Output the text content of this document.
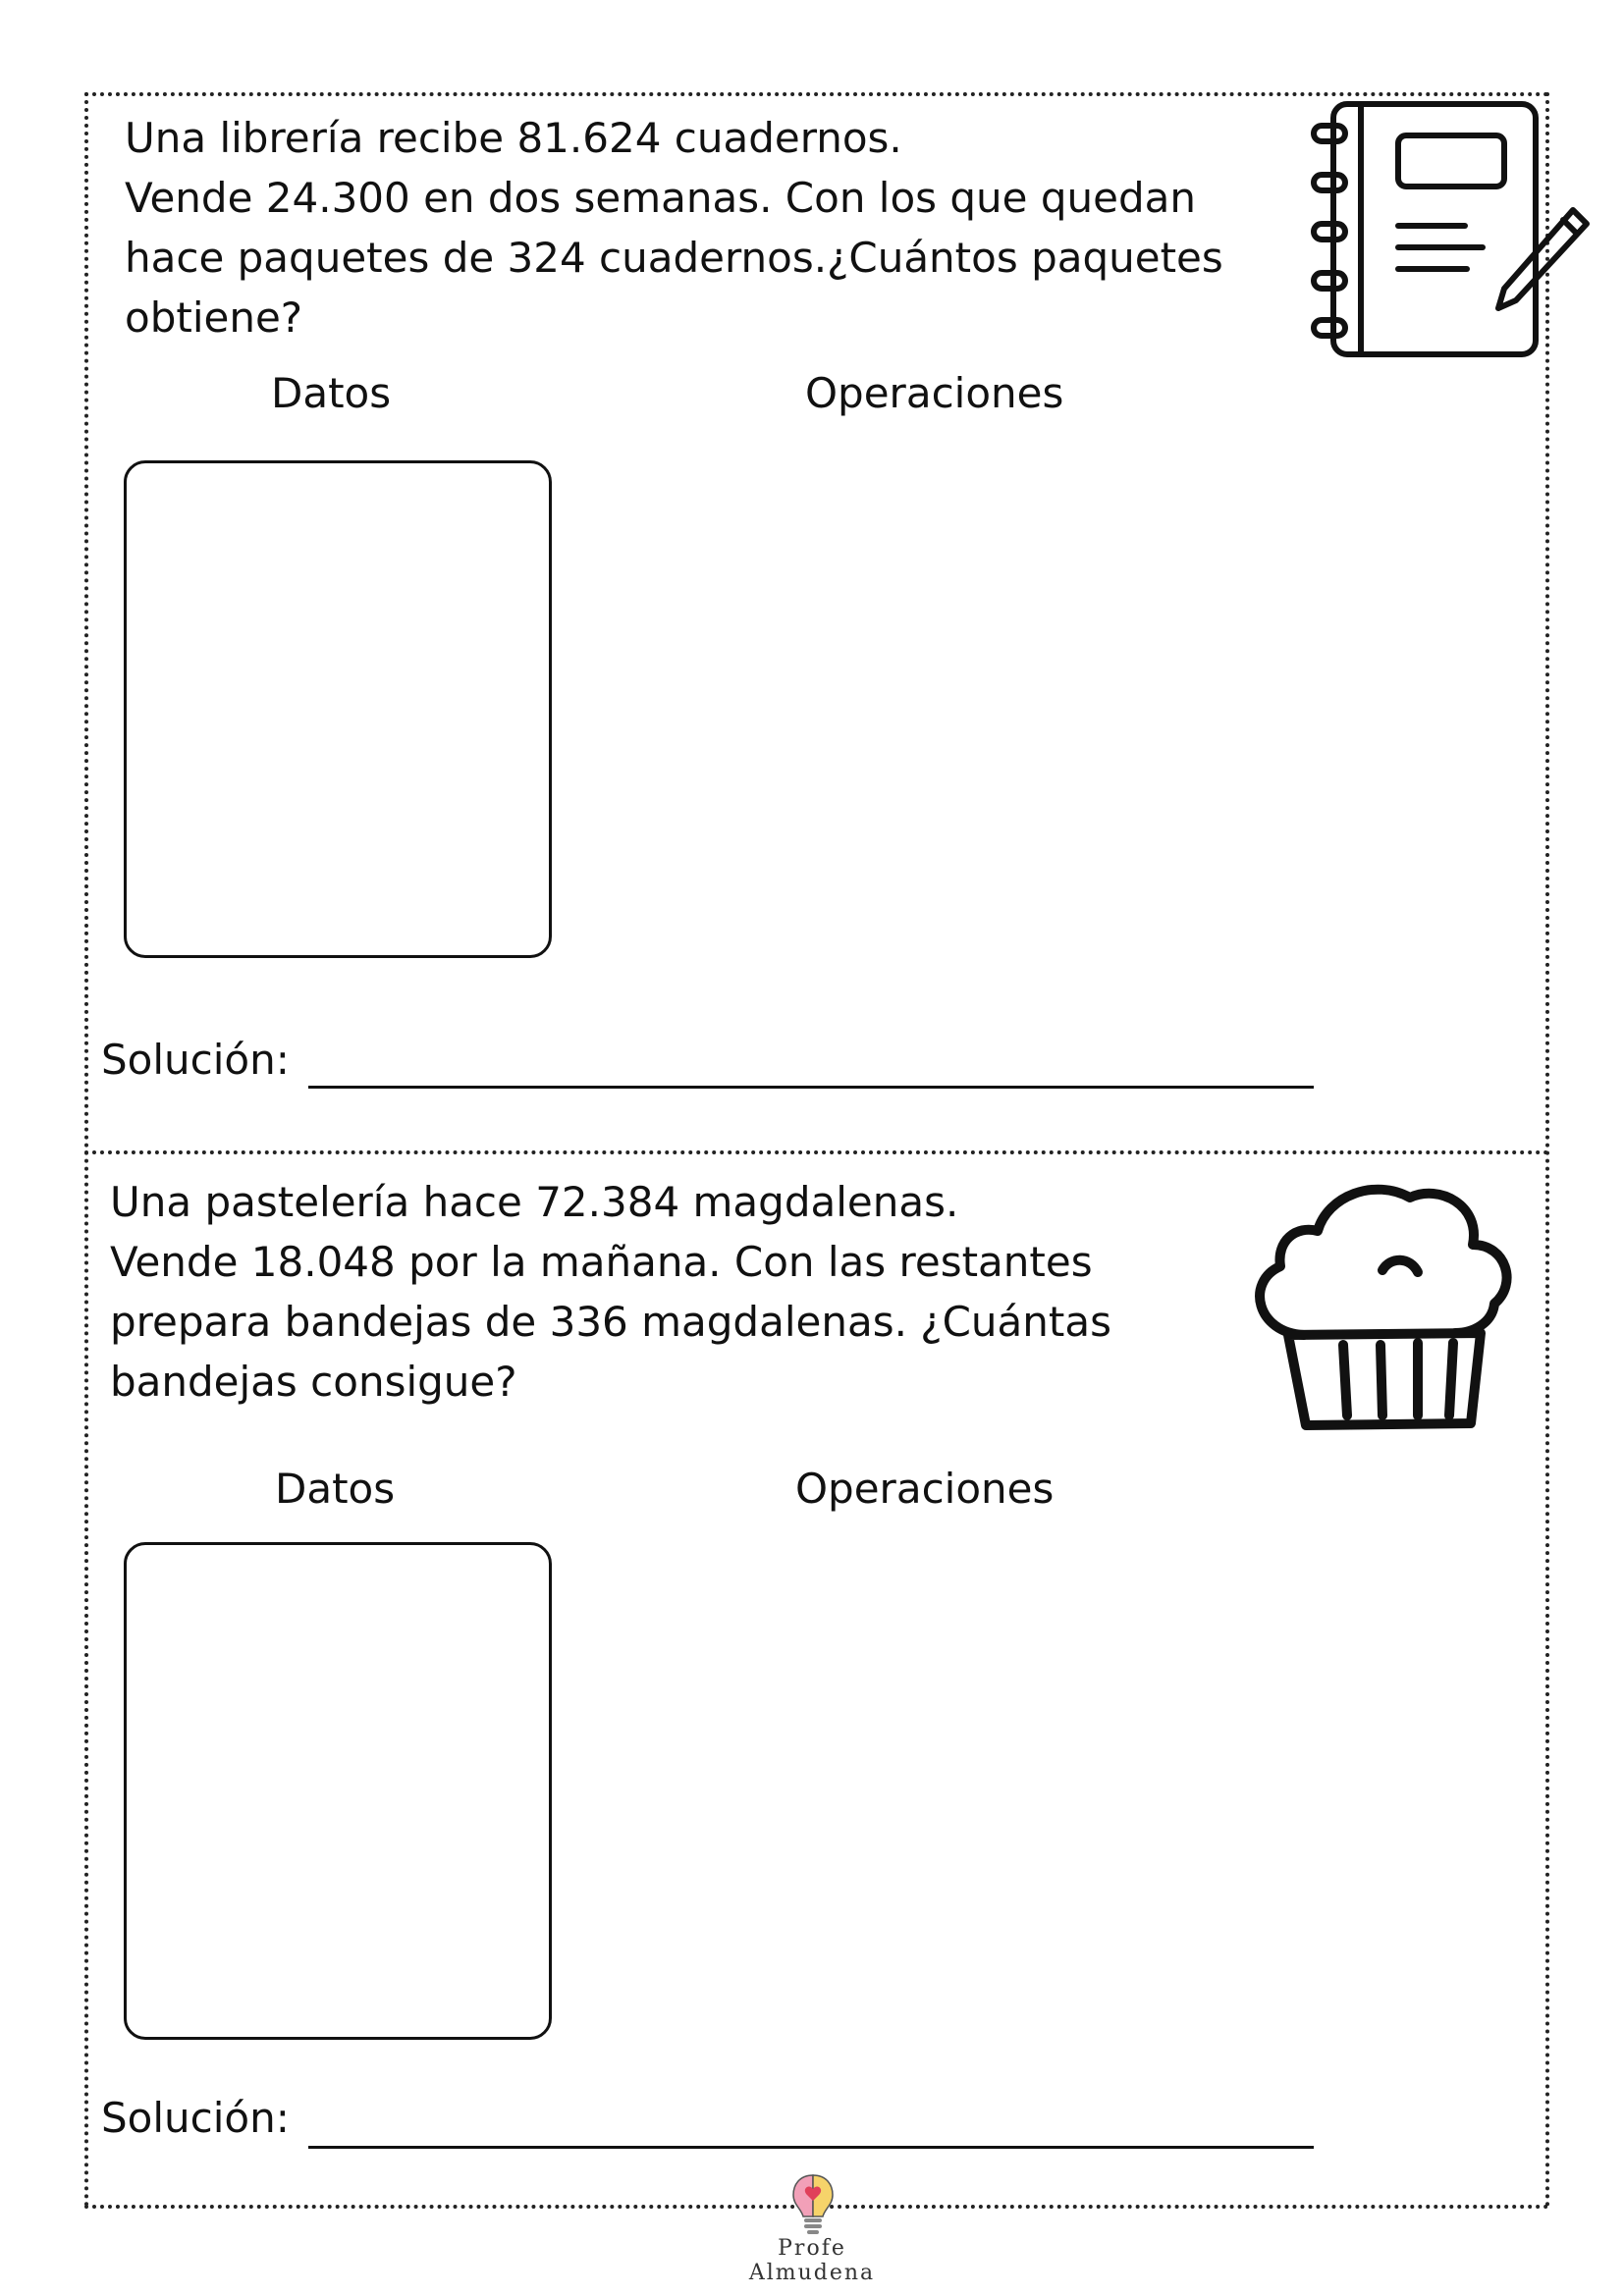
Una librería recibe 81.624 cuadernos.
Vende 24.300 en dos semanas. Con los que quedan hace paquetes de 324 cuadernos.¿Cuántos paquetes obtiene?
Datos	Operaciones
Solución:
Una pastelería hace 72.384 magdalenas.
Vende 18.048 por la mañana. Con las restantes prepara bandejas de 336 magdalenas. ¿Cuántas bandejas consigue?
Datos	Operaciones
Solución:
Profe Almudena
